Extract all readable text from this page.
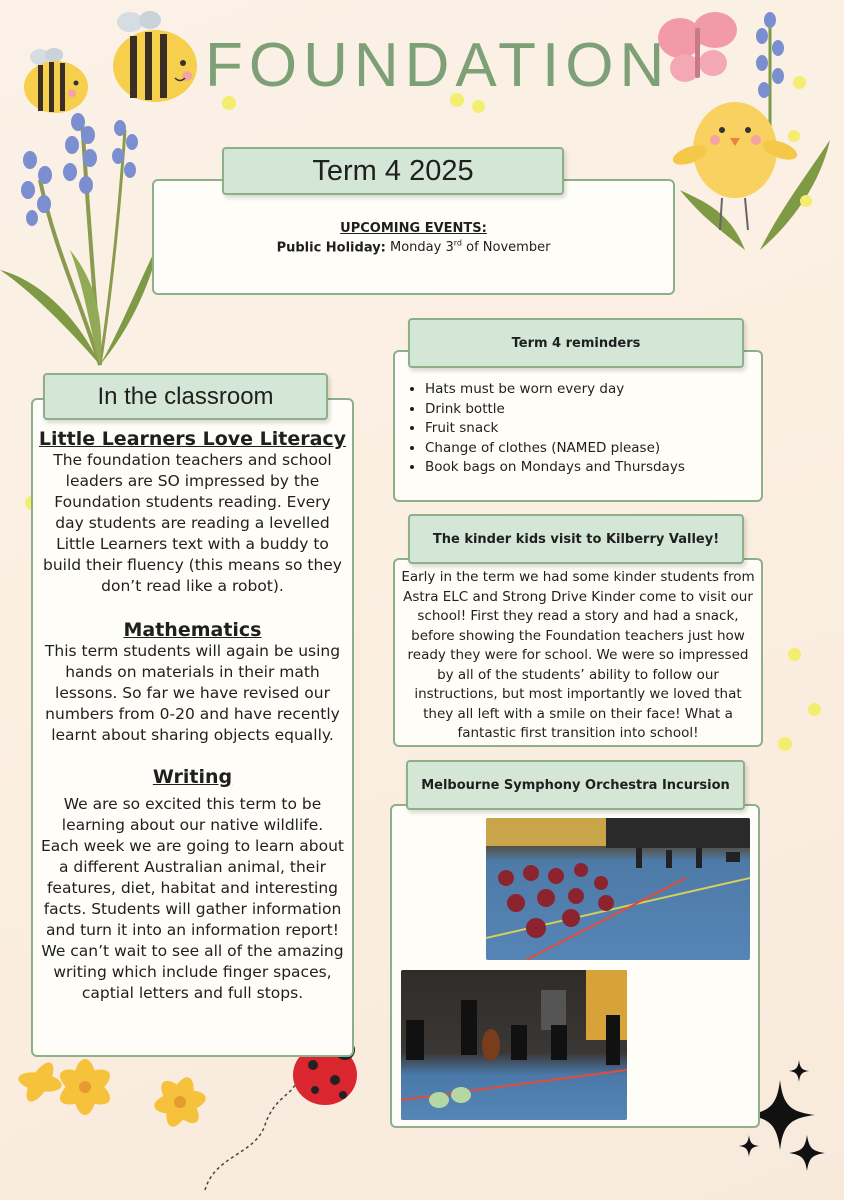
FOUNDATION
UPCOMING EVENTS:
Public Holiday: Monday 3rd of November
Term 4 2025
Little Learners Love Literacy
The foundation teachers and school leaders are SO impressed by the Foundation students reading. Every day students are reading a levelled Little Learners text with a buddy to build their fluency (this means so they don’t read like a robot).
Mathematics
This term students will again be using hands on materials in their math lessons. So far we have revised our numbers from 0-20 and have recently learnt about sharing objects equally.
Writing
We are so excited this term to be learning about our native wildlife. Each week we are going to learn about a different Australian animal, their features, diet, habitat and interesting facts. Students will gather information and turn it into an information report! We can’t wait to see all of the amazing writing which include finger spaces, captial letters and full stops.
In the classroom
•	Hats must be worn every day
• Drink bottle
• Fruit snack
• Change of clothes (NAMED please)
• Book bags on Mondays and Thursdays
Term 4 reminders
Early in the term we had some kinder students from Astra ELC and Strong Drive Kinder come to visit our school! First they read a story and had a snack, before showing the Foundation teachers just how ready they were for school. We were so impressed by all of the students’ ability to follow our instructions, but most importantly we loved that they all left with a smile on their face! What a fantastic first transition into school!
The kinder kids visit to Kilberry Valley!
Melbourne Symphony Orchestra Incursion
